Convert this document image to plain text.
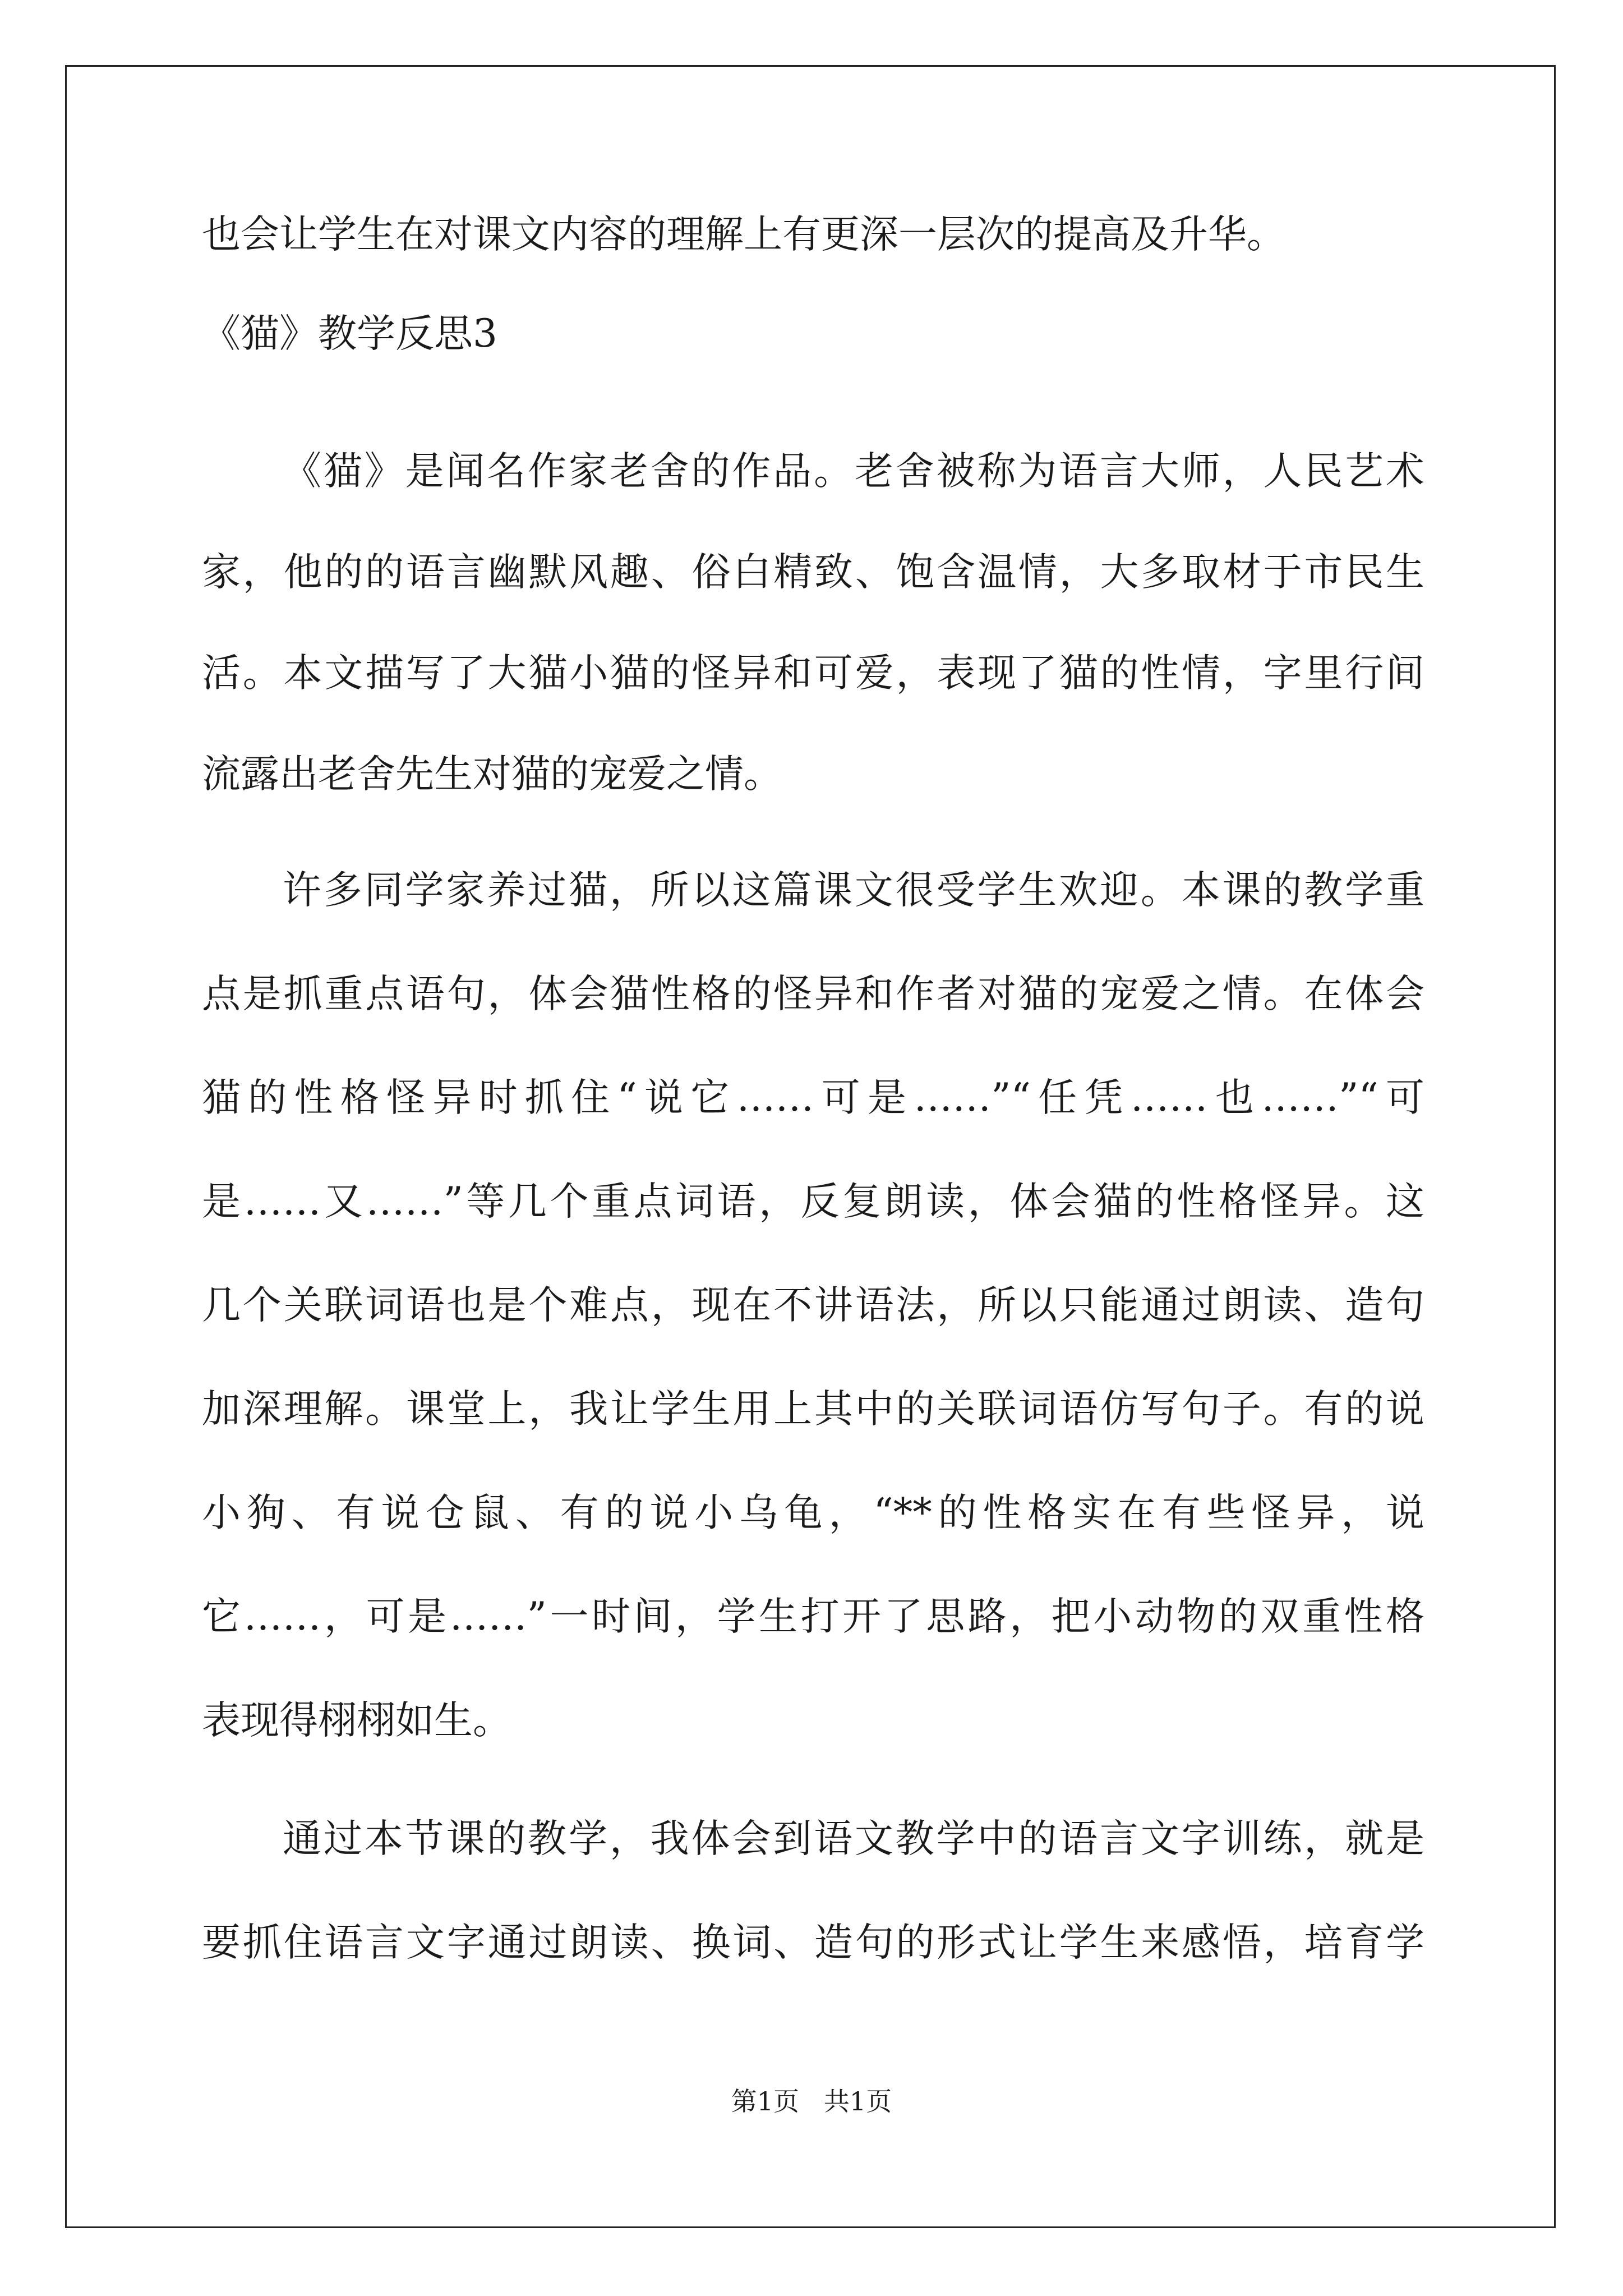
也会让学生在对课文内容的理解上有更深一层次的提高及升华。
《猫》教学反思3
《猫》是闻名作家老舍的作品。老舍被称为语言大师，人民艺术
家，他的的语言幽默风趣、俗白精致、饱含温情，大多取材于市民生
活。本文描写了大猫小猫的怪异和可爱，表现了猫的性情，字里行间
流露出老舍先生对猫的宠爱之情。
许多同学家养过猫，所以这篇课文很受学生欢迎。本课的教学重
点是抓重点语句，体会猫性格的怪异和作者对猫的宠爱之情。在体会
猫的性格怪异时抓住“说它……可是……”“任凭……也……”“可
是……又……”等几个重点词语，反复朗读，体会猫的性格怪异。这
几个关联词语也是个难点，现在不讲语法，所以只能通过朗读、造句
加深理解。课堂上，我让学生用上其中的关联词语仿写句子。有的说
小狗、有说仓鼠、有的说小乌龟，“**的性格实在有些怪异，说
它……，可是……”一时间，学生打开了思路，把小动物的双重性格
表现得栩栩如生。
通过本节课的教学，我体会到语文教学中的语言文字训练，就是
要抓住语言文字通过朗读、换词、造句的形式让学生来感悟，培育学
第1页   共1页
